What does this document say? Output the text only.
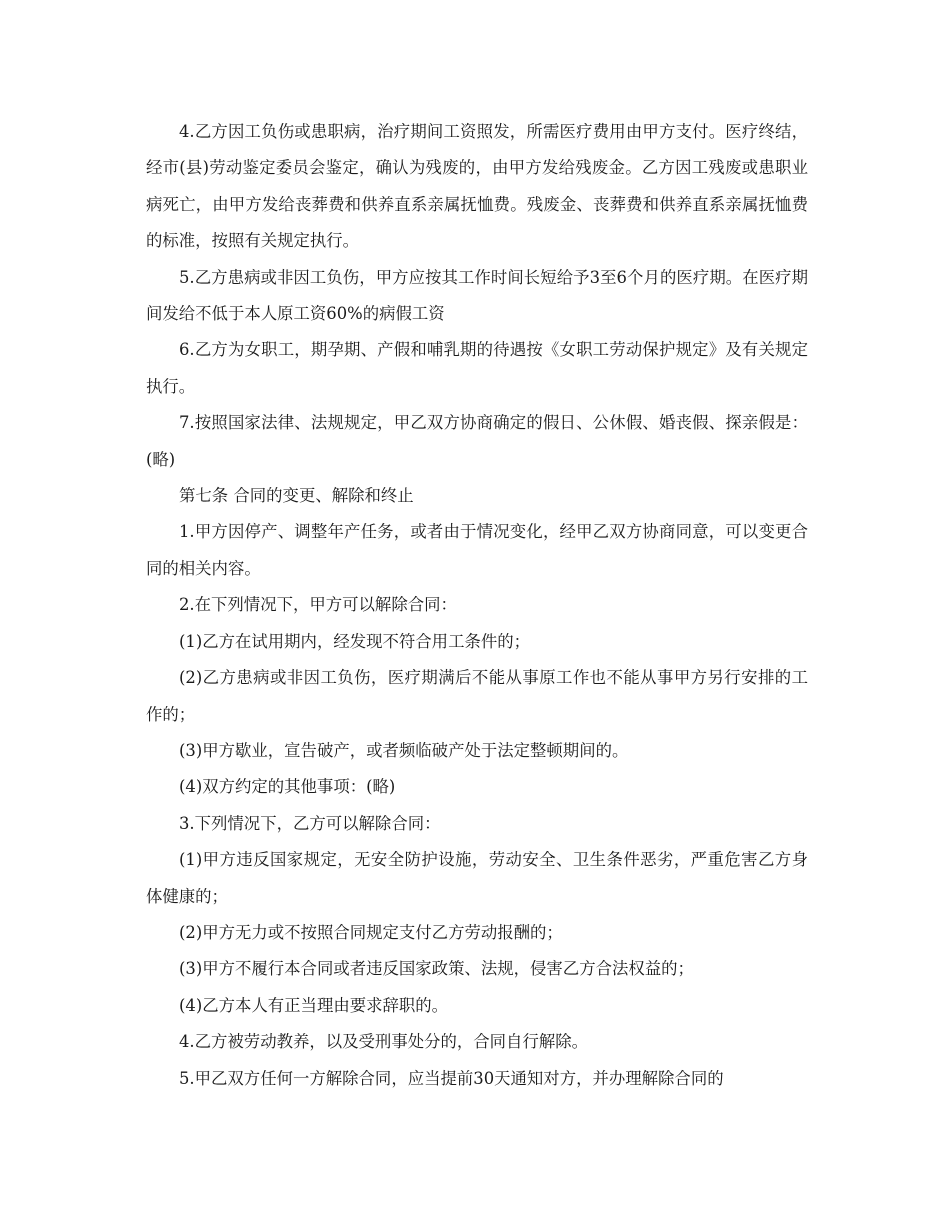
4.乙方因工负伤或患职病，治疗期间工资照发，所需医疗费用由甲方支付。医疗终结，经市(县)劳动鉴定委员会鉴定，确认为残废的，由甲方发给残废金。乙方因工残废或患职业病死亡，由甲方发给丧葬费和供养直系亲属抚恤费。残废金、丧葬费和供养直系亲属抚恤费的标准，按照有关规定执行。

5.乙方患病或非因工负伤，甲方应按其工作时间长短给予3至6个月的医疗期。在医疗期间发给不低于本人原工资60%的病假工资

6.乙方为女职工，期孕期、产假和哺乳期的待遇按《女职工劳动保护规定》及有关规定执行。

7.按照国家法律、法规规定，甲乙双方协商确定的假日、公休假、婚丧假、探亲假是：(略)

第七条 合同的变更、解除和终止

1.甲方因停产、调整年产任务，或者由于情况变化，经甲乙双方协商同意，可以变更合同的相关内容。

2.在下列情况下，甲方可以解除合同：

(1)乙方在试用期内，经发现不符合用工条件的；

(2)乙方患病或非因工负伤，医疗期满后不能从事原工作也不能从事甲方另行安排的工作的；

(3)甲方歇业，宣告破产，或者频临破产处于法定整顿期间的。

(4)双方约定的其他事项：(略)

3.下列情况下，乙方可以解除合同：

(1)甲方违反国家规定，无安全防护设施，劳动安全、卫生条件恶劣，严重危害乙方身体健康的；

(2)甲方无力或不按照合同规定支付乙方劳动报酬的；

(3)甲方不履行本合同或者违反国家政策、法规，侵害乙方合法权益的；

(4)乙方本人有正当理由要求辞职的。

4.乙方被劳动教养，以及受刑事处分的，合同自行解除。

5.甲乙双方任何一方解除合同，应当提前30天通知对方，并办理解除合同的
